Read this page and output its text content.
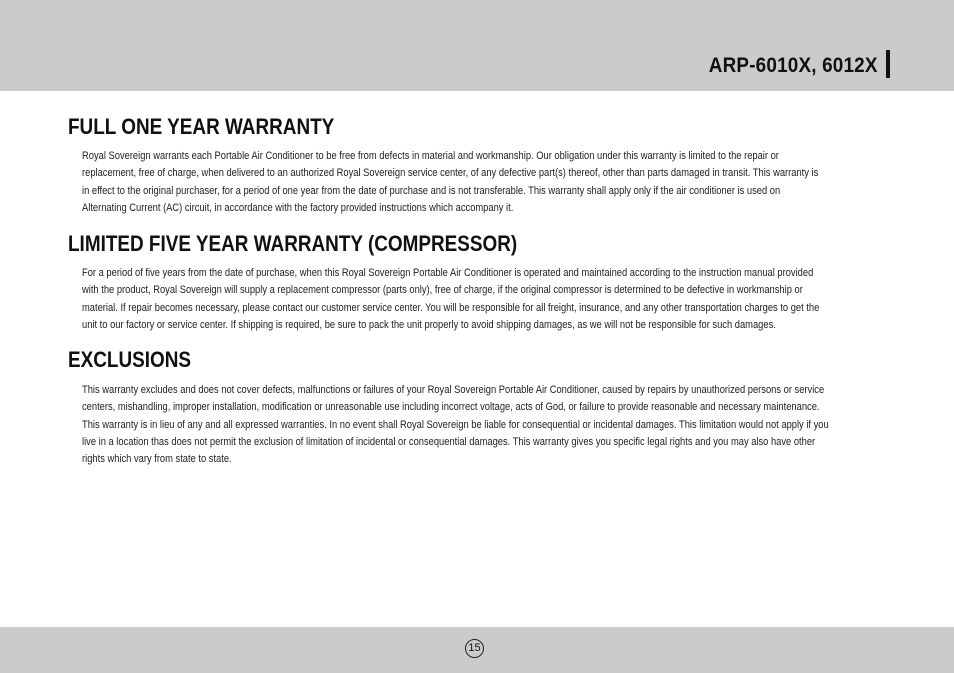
ARP-6010X, 6012X
FULL ONE YEAR WARRANTY

Royal Sovereign warrants each Portable Air Conditioner to be free from defects in material and workmanship. Our obligation under this warranty is limited to the repair or
replacement, free of charge, when delivered to an authorized Royal Sovereign service center, of any defective part(s) thereof, other than parts damaged in transit. This warranty is
in effect to the original purchaser, for a period of one year from the date of purchase and is not transferable. This warranty shall apply only if the air conditioner is used on
Alternating Current (AC) circuit, in accordance with the factory provided instructions which accompany it.

LIMITED FIVE YEAR WARRANTY (COMPRESSOR)

For a period of five years from the date of purchase, when this Royal Sovereign Portable Air Conditioner is operated and maintained according to the instruction manual provided
with the product, Royal Sovereign will supply a replacement compressor (parts only), free of charge, if the original compressor is determined to be defective in workmanship or
material. If repair becomes necessary, please contact our customer service center. You will be responsible for all freight, insurance, and any other transportation charges to get the
unit to our factory or service center. If shipping is required, be sure to pack the unit properly to avoid shipping damages, as we will not be responsible for such damages.

EXCLUSIONS

This warranty excludes and does not cover defects, malfunctions or failures of your Royal Sovereign Portable Air Conditioner, caused by repairs by unauthorized persons or service
centers, mishandling, improper installation, modification or unreasonable use including incorrect voltage, acts of God, or failure to provide reasonable and necessary maintenance.
This warranty is in lieu of any and all expressed warranties. In no event shall Royal Sovereign be liable for consequential or incidental damages. This limitation would not apply if you
live in a location thas does not permit the exclusion of limitation of incidental or consequential damages. This warranty gives you specific legal rights and you may also have other
rights which vary from state to state.

15
